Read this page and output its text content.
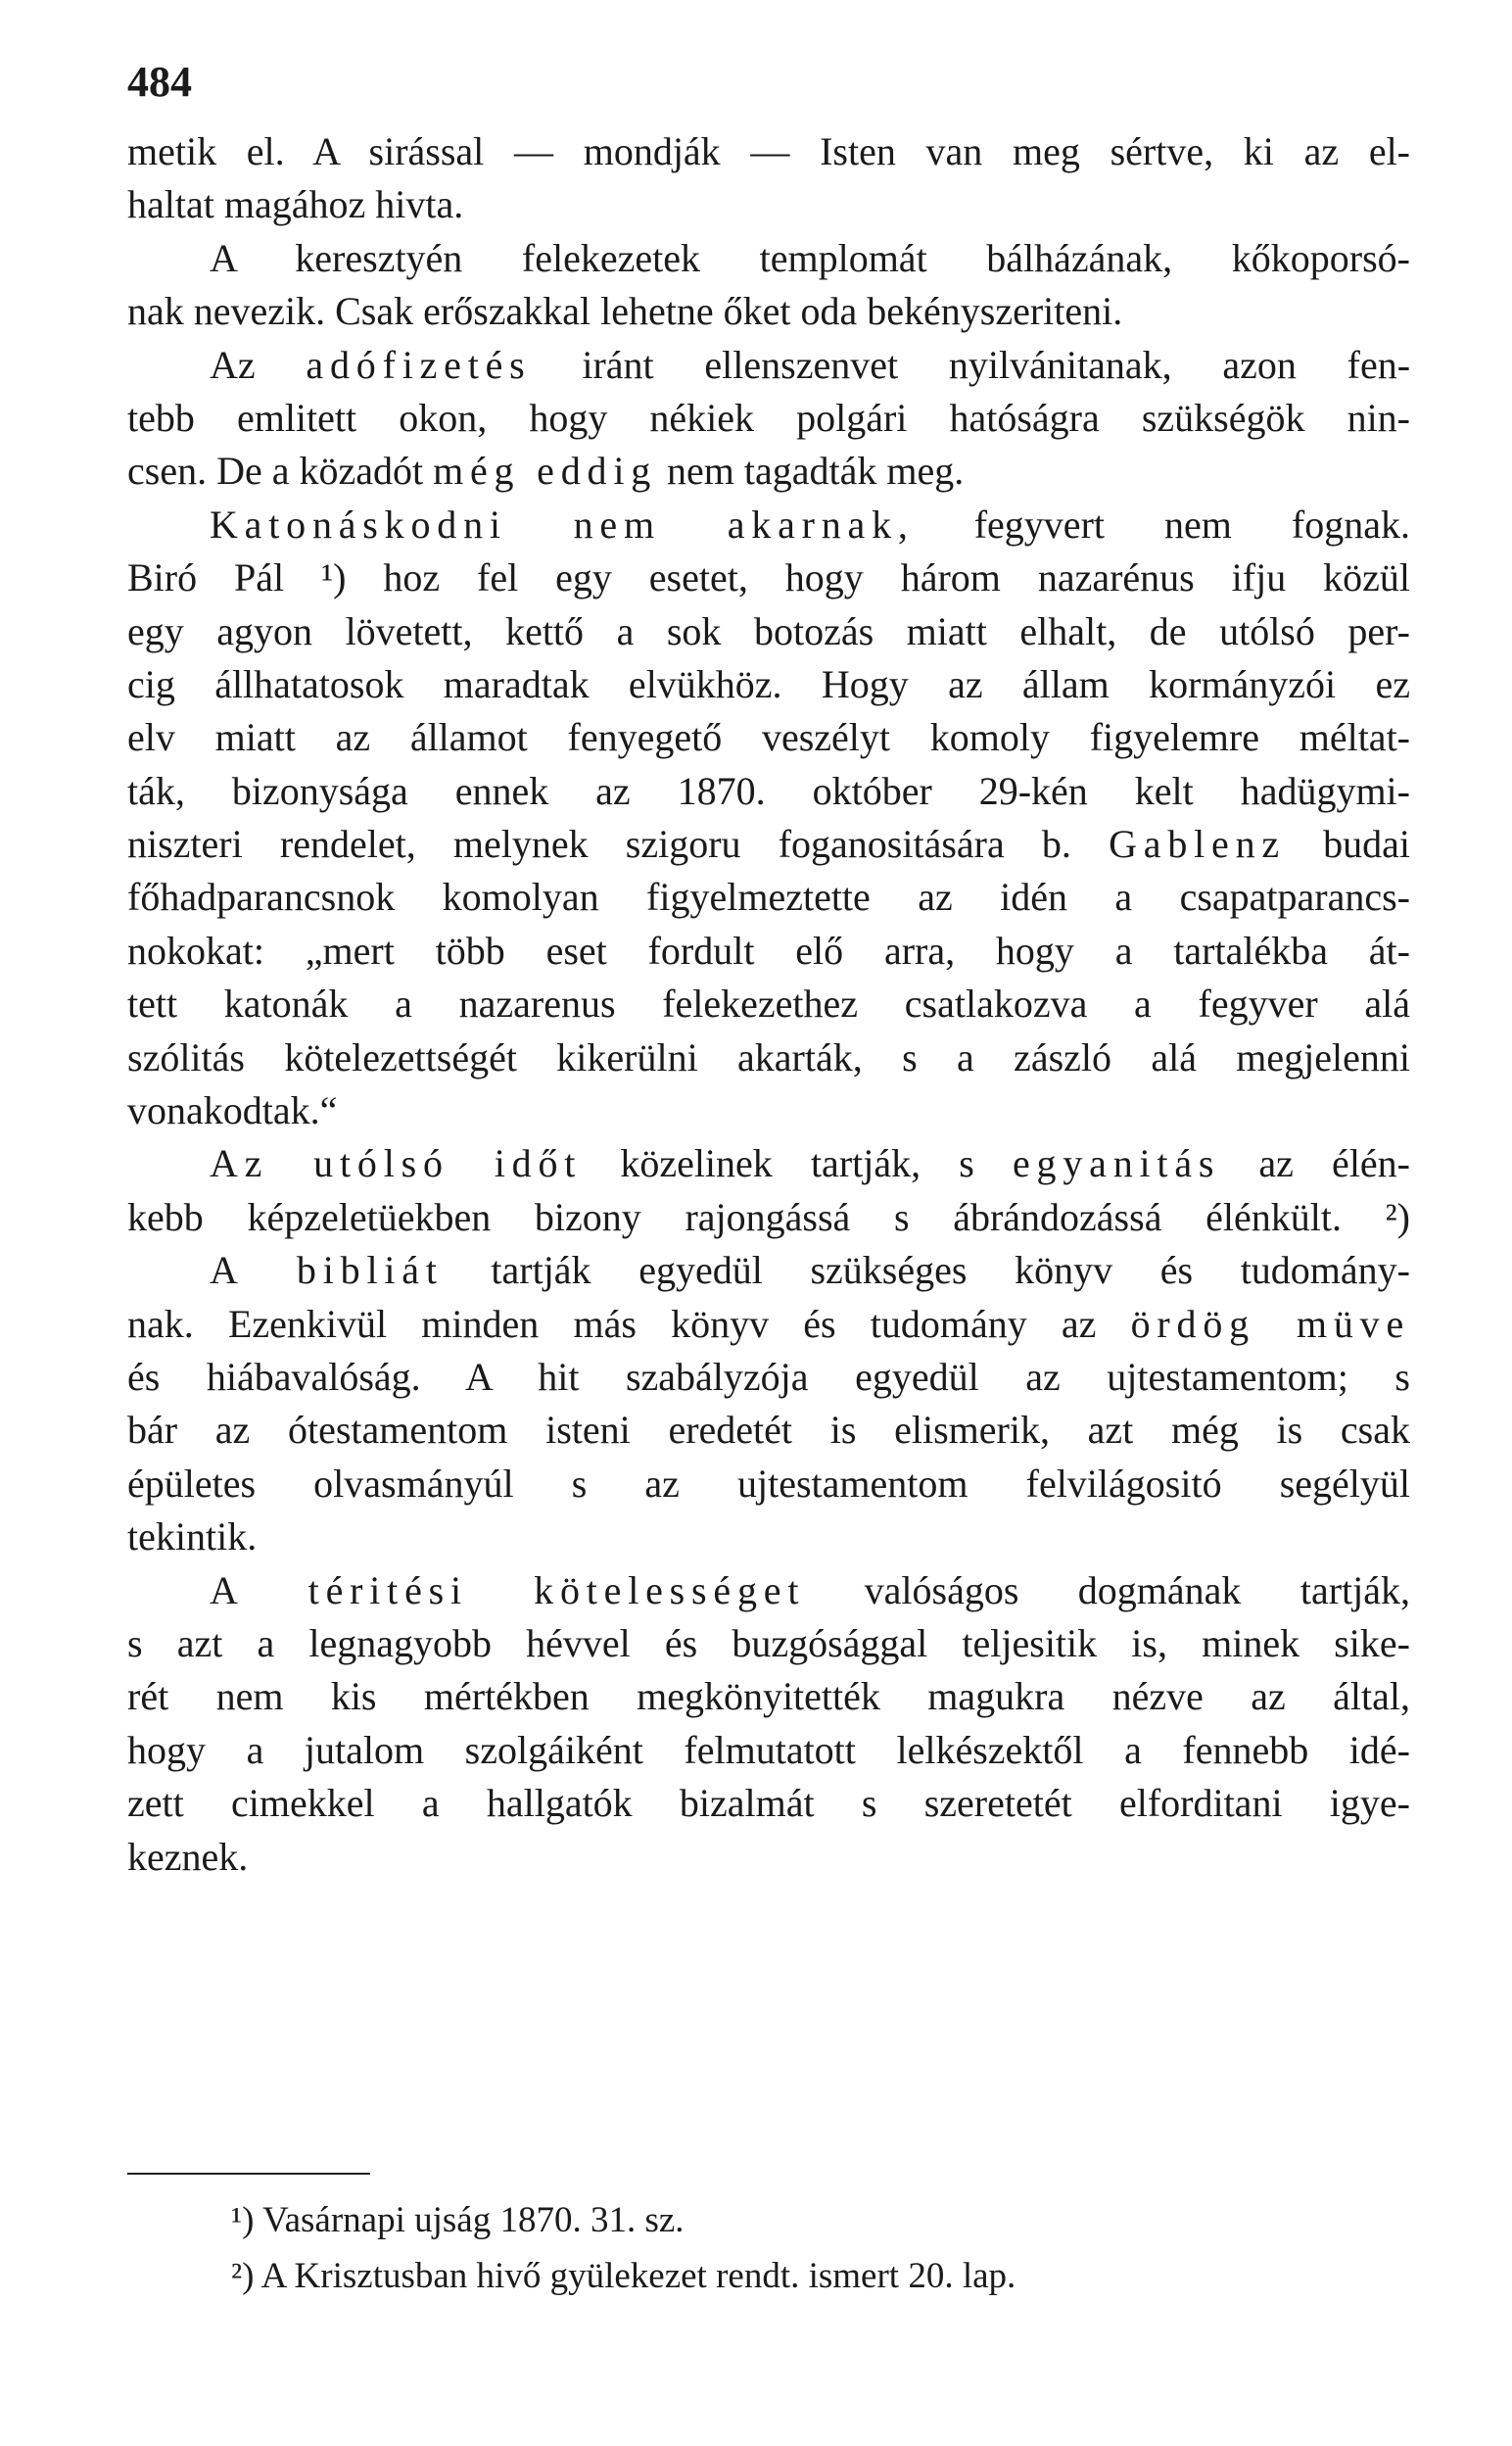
484
metik el. A sirással — mondják — Isten van meg sértve, ki az el-
haltat magához hivta.
A keresztyén felekezetek templomát bálházának, kőkoporsó-
nak nevezik. Csak erőszakkal lehetne őket oda bekényszeriteni.
Az adófizetés iránt ellenszenvet nyilvánitanak, azon fen-
tebb emlitett okon, hogy nékiek polgári hatóságra szükségök nin-
csen. De a közadót még eddig nem tagadták meg.
Katonáskodni nem akarnak, fegyvert nem fognak.
Biró Pál ¹) hoz fel egy esetet, hogy három nazarénus ifju közül
egy agyon lövetett, kettő a sok botozás miatt elhalt, de utólsó per-
cig állhatatosok maradtak elvükhöz. Hogy az állam kormányzói ez
elv miatt az államot fenyegető veszélyt komoly figyelemre méltat-
ták, bizonysága ennek az 1870. október 29-kén kelt hadügymi-
niszteri rendelet, melynek szigoru foganositására b. Gablenz budai
főhadparancsnok komolyan figyelmeztette az idén a csapatparancs-
nokokat: „mert több eset fordult elő arra, hogy a tartalékba át-
tett katonák a nazarenus felekezethez csatlakozva a fegyver alá
szólitás kötelezettségét kikerülni akarták, s a zászló alá megjelenni
vonakodtak.“
Az utólsó időt közelinek tartják, s egyanitás az élén-
kebb képzeletüekben bizony rajongássá s ábrándozássá élénkült. ²)
A bibliát tartják egyedül szükséges könyv és tudomány-
nak. Ezenkivül minden más könyv és tudomány az ördög müve
és hiábavalóság. A hit szabályzója egyedül az ujtestamentom; s
bár az ótestamentom isteni eredetét is elismerik, azt még is csak
épületes olvasmányúl s az ujtestamentom felvilágositó segélyül
tekintik.
A téritési kötelességet valóságos dogmának tartják,
s azt a legnagyobb hévvel és buzgósággal teljesitik is, minek sike-
rét nem kis mértékben megkönyitették magukra nézve az által,
hogy a jutalom szolgáiként felmutatott lelkészektől a fennebb idé-
zett cimekkel a hallgatók bizalmát s szeretetét elforditani igye-
keznek.
¹) Vasárnapi ujság 1870. 31. sz.
²) A Krisztusban hivő gyülekezet rendt. ismert 20. lap.
